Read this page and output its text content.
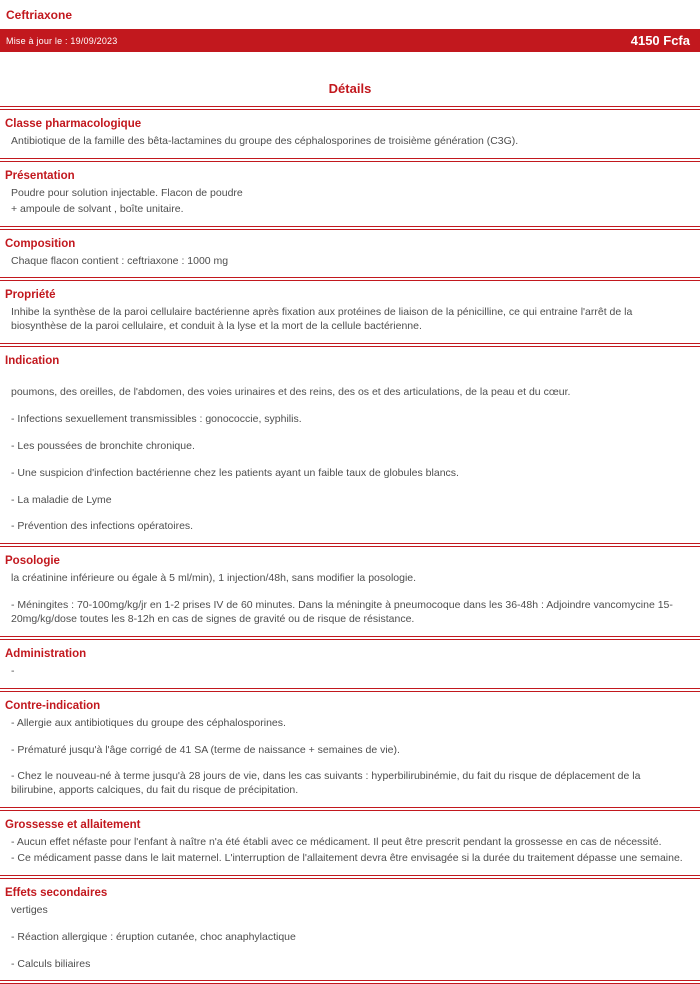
Ceftriaxone
Mise à jour le : 19/09/2023	4150 Fcfa
Détails
Classe pharmacologique

Antibiotique de la famille des bêta-lactamines du groupe des céphalosporines de troisième génération (C3G).

Présentation

Poudre pour solution injectable. Flacon de poudre

+ ampoule de solvant , boîte unitaire.

Composition

Chaque flacon contient : ceftriaxone : 1000 mg

Propriété

Inhibe la synthèse de la paroi cellulaire bactérienne après fixation aux protéines de liaison de la pénicilline, ce qui entraine l'arrêt de la biosynthèse de la paroi cellulaire, et conduit à la lyse et la mort de la cellule bactérienne.

Indication

poumons, des oreilles, de l'abdomen, des voies urinaires et des reins, des os et des articulations, de la peau et du cœur.

- Infections sexuellement transmissibles : gonococcie, syphilis.

- Les poussées de bronchite chronique.

- Une suspicion d'infection bactérienne chez les patients ayant un faible taux de globules blancs.

- La maladie de Lyme

- Prévention des infections opératoires.

Posologie

la créatinine inférieure ou égale à 5 ml/min), 1 injection/48h, sans modifier la posologie.

- Méningites : 70-100mg/kg/jr en 1-2 prises IV de 60 minutes. Dans la méningite à pneumocoque dans les 36-48h : Adjoindre vancomycine 15-20mg/kg/dose toutes les 8-12h en cas de signes de gravité ou de risque de résistance.

Administration

-

Contre-indication

- Allergie aux antibiotiques du groupe des céphalosporines.

- Prématuré jusqu'à l'âge corrigé de 41 SA (terme de naissance + semaines de vie).

- Chez le nouveau-né à terme jusqu'à 28 jours de vie, dans les cas suivants : hyperbilirubinémie, du fait du risque de déplacement de la bilirubine, apports calciques, du fait du risque de précipitation.

Grossesse et allaitement

- Aucun effet néfaste pour l'enfant à naître n'a été établi avec ce médicament. Il peut être prescrit pendant la grossesse en cas de nécessité.

- Ce médicament passe dans le lait maternel. L'interruption de l'allaitement devra être envisagée si la durée du traitement dépasse une semaine.

Effets secondaires

vertiges

- Réaction allergique : éruption cutanée, choc anaphylactique

- Calculs biliaires
